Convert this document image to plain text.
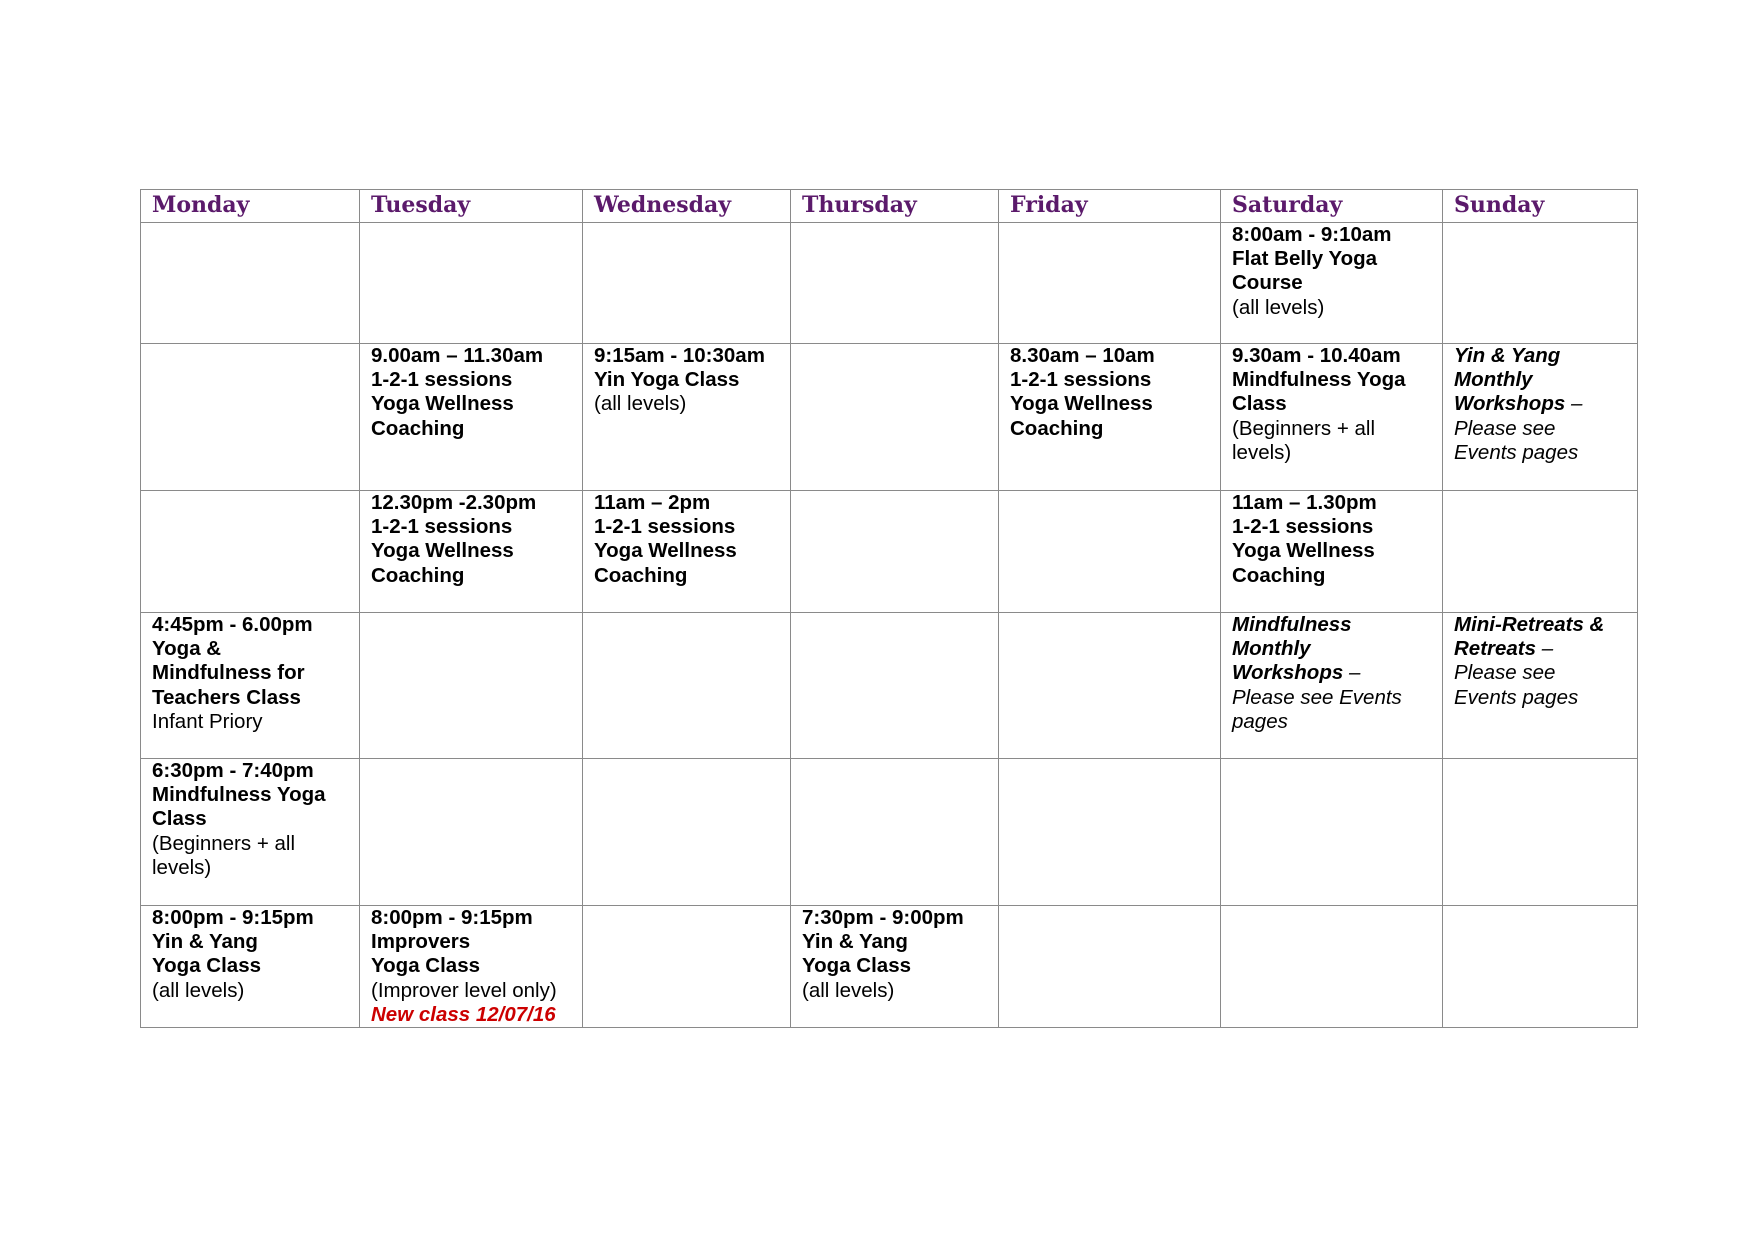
Monday	Tuesday	Wednesday	Thursday	Friday	Saturday	Sunday

					8:00am - 9:10am
Flat Belly Yoga
Course
(all levels)	

	9.00am – 11.30am
1-2-1 sessions
Yoga Wellness
Coaching	9:15am - 10:30am
Yin Yoga Class
(all levels)		8.30am – 10am
1-2-1 sessions
Yoga Wellness
Coaching	9.30am - 10.40am
Mindfulness Yoga
Class
(Beginners + all
levels)	Yin & Yang
Monthly
Workshops –
Please see
Events pages

	12.30pm -2.30pm
1-2-1 sessions
Yoga Wellness
Coaching	11am – 2pm
1-2-1 sessions
Yoga Wellness
Coaching			11am – 1.30pm
1-2-1 sessions
Yoga Wellness
Coaching	

4:45pm - 6.00pm
Yoga &
Mindfulness for
Teachers Class
Infant Priory					Mindfulness
Monthly
Workshops –
Please see Events
pages	Mini-Retreats &
Retreats –
Please see
Events pages

6:30pm - 7:40pm
Mindfulness Yoga
Class
(Beginners + all
levels)						

8:00pm - 9:15pm
Yin & Yang
Yoga Class
(all levels)	8:00pm - 9:15pm
Improvers
Yoga Class
(Improver level only)
New class 12/07/16		7:30pm - 9:00pm
Yin & Yang
Yoga Class
(all levels)			
